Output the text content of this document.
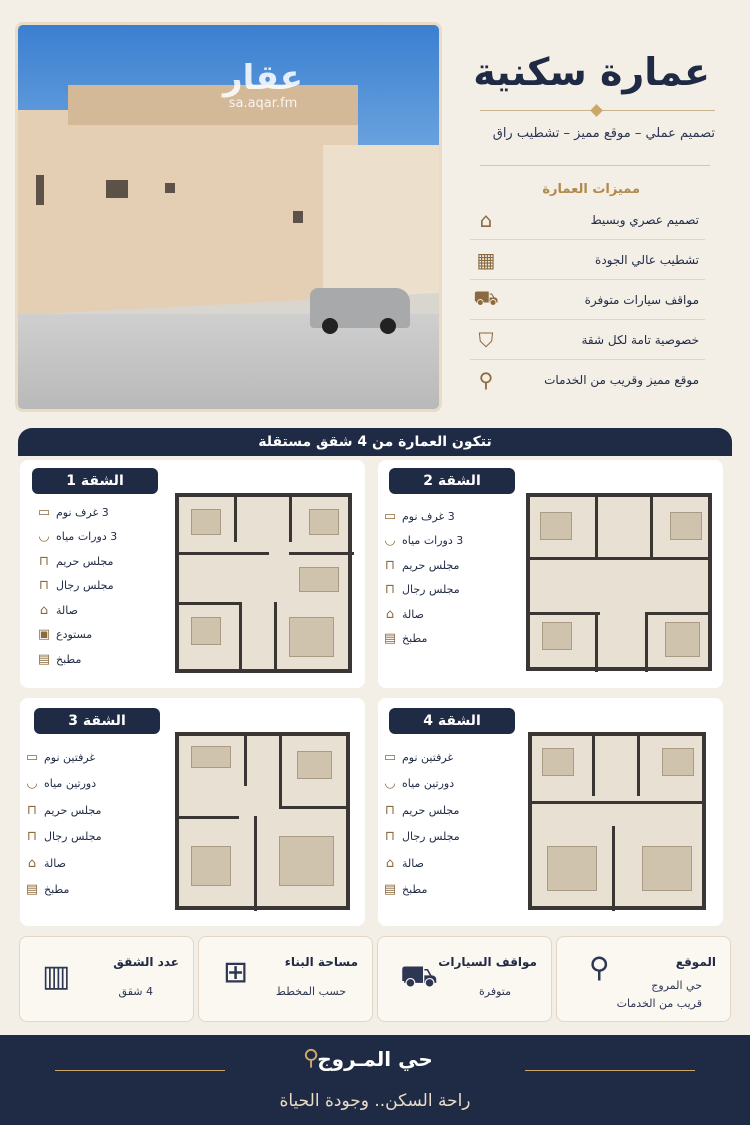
عقار
sa.aqar.fm
عمارة سكنية
تصميم عملي – موقع مميز – تشطيب راق
مميزات العمارة
تصميم عصري وبسيط
⌂
تشطيب عالي الجودة
▦
مواقف سيارات متوفرة
⛟
خصوصية تامة لكل شقة
⛉
موقع مميز وقريب من الخدمات
⚲
تتكون العمارة من 4 شقق مستقلة
الشقة 1
3 غرف نوم
▭
3 دورات مياه
◡
مجلس حريم
⊓
مجلس رجال
⊓
صالة
⌂
مستودع
▣
مطبخ
▤
الشقة 2
3 غرف نوم
▭
3 دورات مياه
◡
مجلس حريم
⊓
مجلس رجال
⊓
صالة
⌂
مطبخ
▤
الشقة 3
غرفتين نوم
▭
دورتين مياه
◡
مجلس حريم
⊓
مجلس رجال
⊓
صالة
⌂
مطبخ
▤
الشقة 4
غرفتين نوم
▭
دورتين مياه
◡
مجلس حريم
⊓
مجلس رجال
⊓
صالة
⌂
مطبخ
▤
الموقع
حي المروج
قريب من الخدمات
⚲
مواقف السيارات
متوفرة
⛟
مساحة البناء
حسب المخطط
⊞
عدد الشقق
4 شقق
▥
⚲
حي المـروج
راحة السكن.. وجودة الحياة
